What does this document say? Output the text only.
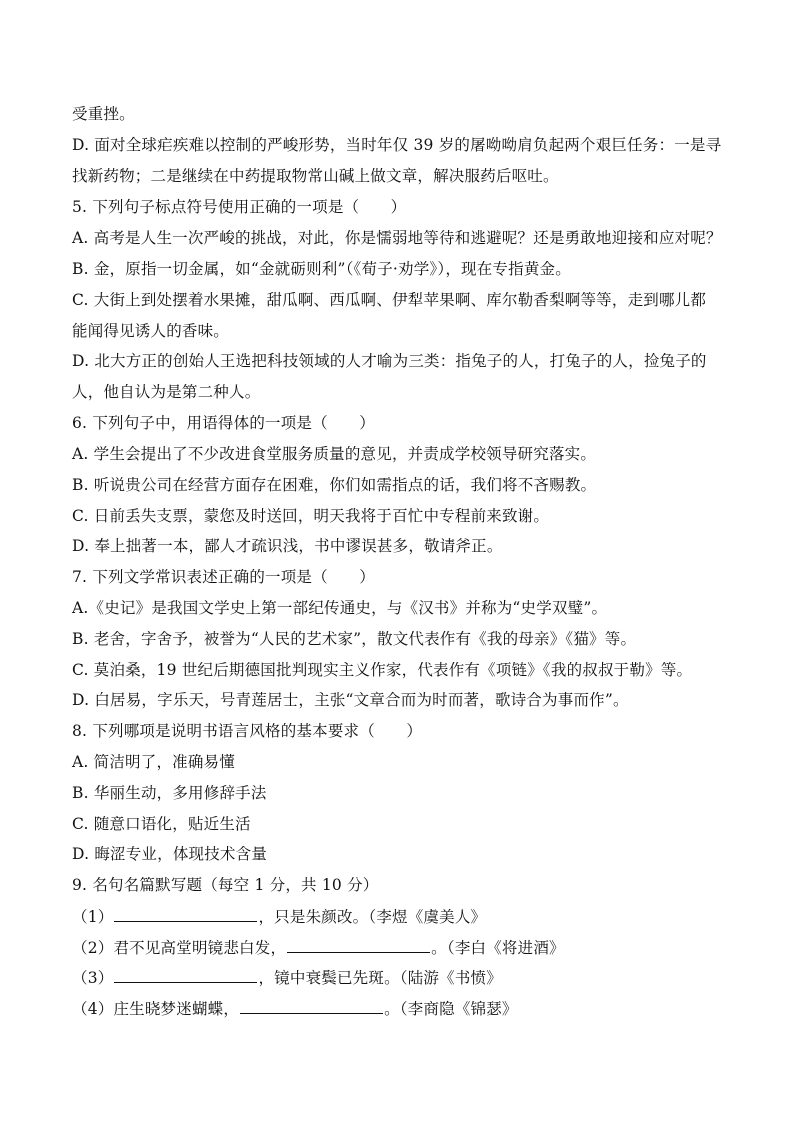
受重挫。
D. 面对全球疟疾难以控制的严峻形势，当时年仅 39 岁的屠呦呦肩负起两个艰巨任务：一是寻
找新药物；二是继续在中药提取物常山碱上做文章，解决服药后呕吐。
5. 下列句子标点符号使用正确的一项是（　　）
A. 高考是人生一次严峻的挑战，对此，你是懦弱地等待和逃避呢？还是勇敢地迎接和应对呢？
B. 金，原指一切金属，如“金就砺则利”（《荀子·劝学》），现在专指黄金。
C. 大街上到处摆着水果摊，甜瓜啊、西瓜啊、伊犁苹果啊、库尔勒香梨啊等等，走到哪儿都
能闻得见诱人的香味。
D. 北大方正的创始人王选把科技领域的人才喻为三类：指兔子的人，打兔子的人，捡兔子的
人，他自认为是第二种人。
6. 下列句子中，用语得体的一项是（　　）
A. 学生会提出了不少改进食堂服务质量的意见，并责成学校领导研究落实。
B. 听说贵公司在经营方面存在困难，你们如需指点的话，我们将不吝赐教。
C. 日前丢失支票，蒙您及时送回，明天我将于百忙中专程前来致谢。
D. 奉上拙著一本，鄙人才疏识浅，书中谬误甚多，敬请斧正。
7. 下列文学常识表述正确的一项是（　　）
A.《史记》是我国文学史上第一部纪传通史，与《汉书》并称为“史学双璧”。
B. 老舍，字舍予，被誉为“人民的艺术家”，散文代表作有《我的母亲》《猫》等。
C. 莫泊桑，19 世纪后期德国批判现实主义作家，代表作有《项链》《我的叔叔于勒》等。
D. 白居易，字乐天，号青莲居士，主张“文章合而为时而著，歌诗合为事而作”。
8. 下列哪项是说明书语言风格的基本要求（　　）
A. 简洁明了，准确易懂
B. 华丽生动，多用修辞手法
C. 随意口语化，贴近生活
D. 晦涩专业，体现技术含量
9. 名句名篇默写题（每空 1 分，共 10 分）
（1）	，只是朱颜改。（李煜《虞美人》
（2）君不见高堂明镜悲白发，	。（李白《将进酒》
（3）	，镜中衰鬓已先斑。（陆游《书愤》
（4）庄生晓梦迷蝴蝶，	。（李商隐《锦瑟》
